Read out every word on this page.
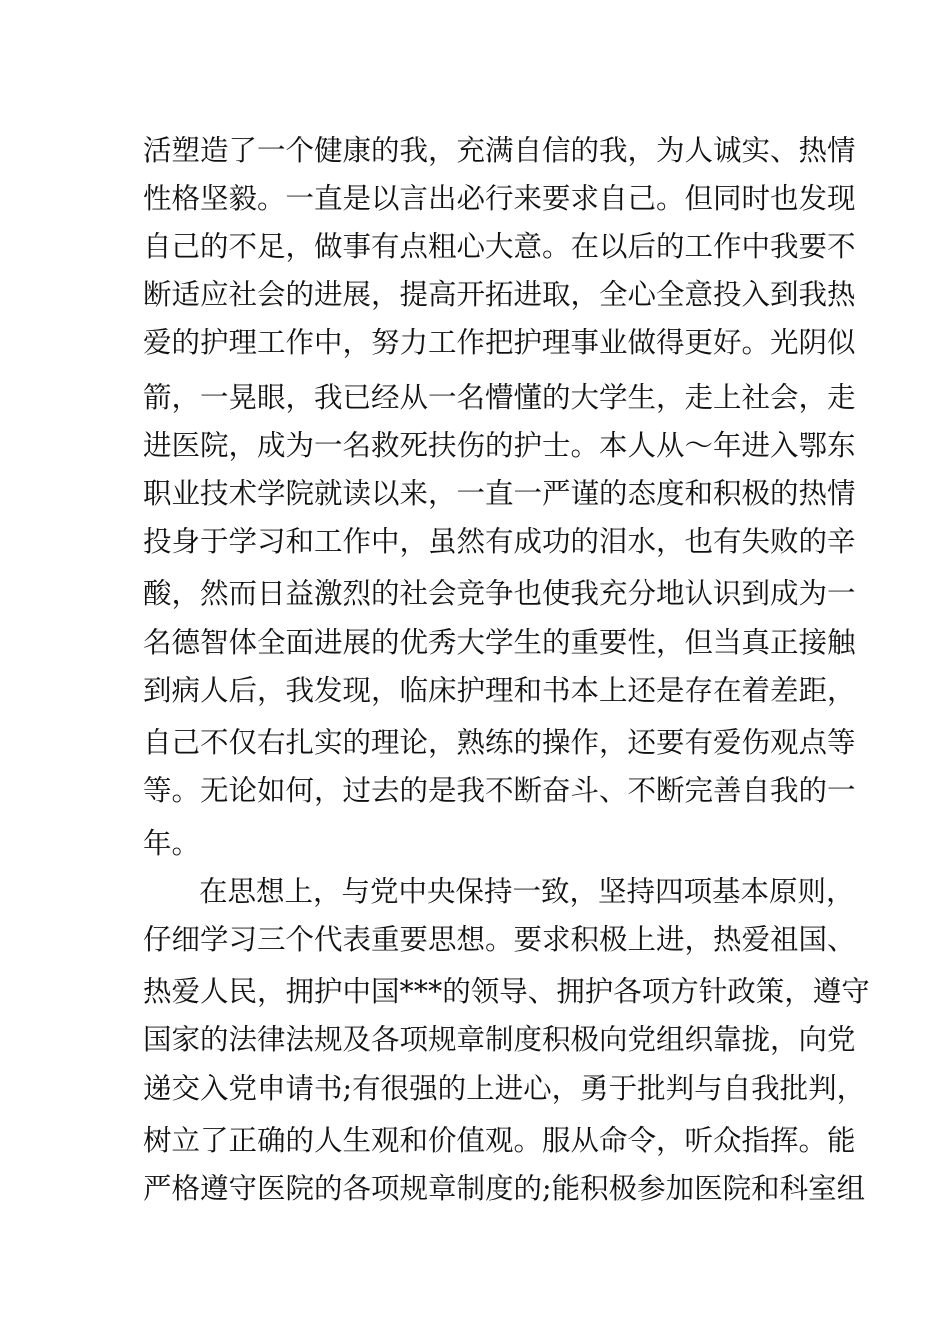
活塑造了一个健康的我，充满自信的我，为人诚实、热情
性格坚毅。一直是以言出必行来要求自己。但同时也发现
自己的不足，做事有点粗心大意。在以后的工作中我要不
断适应社会的进展，提高开拓进取，全心全意投入到我热
爱的护理工作中，努力工作把护理事业做得更好。光阴似
箭，一晃眼，我已经从一名懵懂的大学生，走上社会，走
进医院，成为一名救死扶伤的护士。本人从～年进入鄂东
职业技术学院就读以来，一直一严谨的态度和积极的热情
投身于学习和工作中，虽然有成功的泪水，也有失败的辛
酸，然而日益激烈的社会竞争也使我充分地认识到成为一
名德智体全面进展的优秀大学生的重要性，但当真正接触
到病人后，我发现，临床护理和书本上还是存在着差距，
自己不仅右扎实的理论，熟练的操作，还要有爱伤观点等
等。无论如何，过去的是我不断奋斗、不断完善自我的一
年。
在思想上，与党中央保持一致，坚持四项基本原则，
仔细学习三个代表重要思想。要求积极上进，热爱祖国、
热爱人民，拥护中国***的领导、拥护各项方针政策，遵守
国家的法律法规及各项规章制度积极向党组织靠拢，向党
递交入党申请书;有很强的上进心，勇于批判与自我批判，
树立了正确的人生观和价值观。服从命令，听众指挥。能
严格遵守医院的各项规章制度的;能积极参加医院和科室组
